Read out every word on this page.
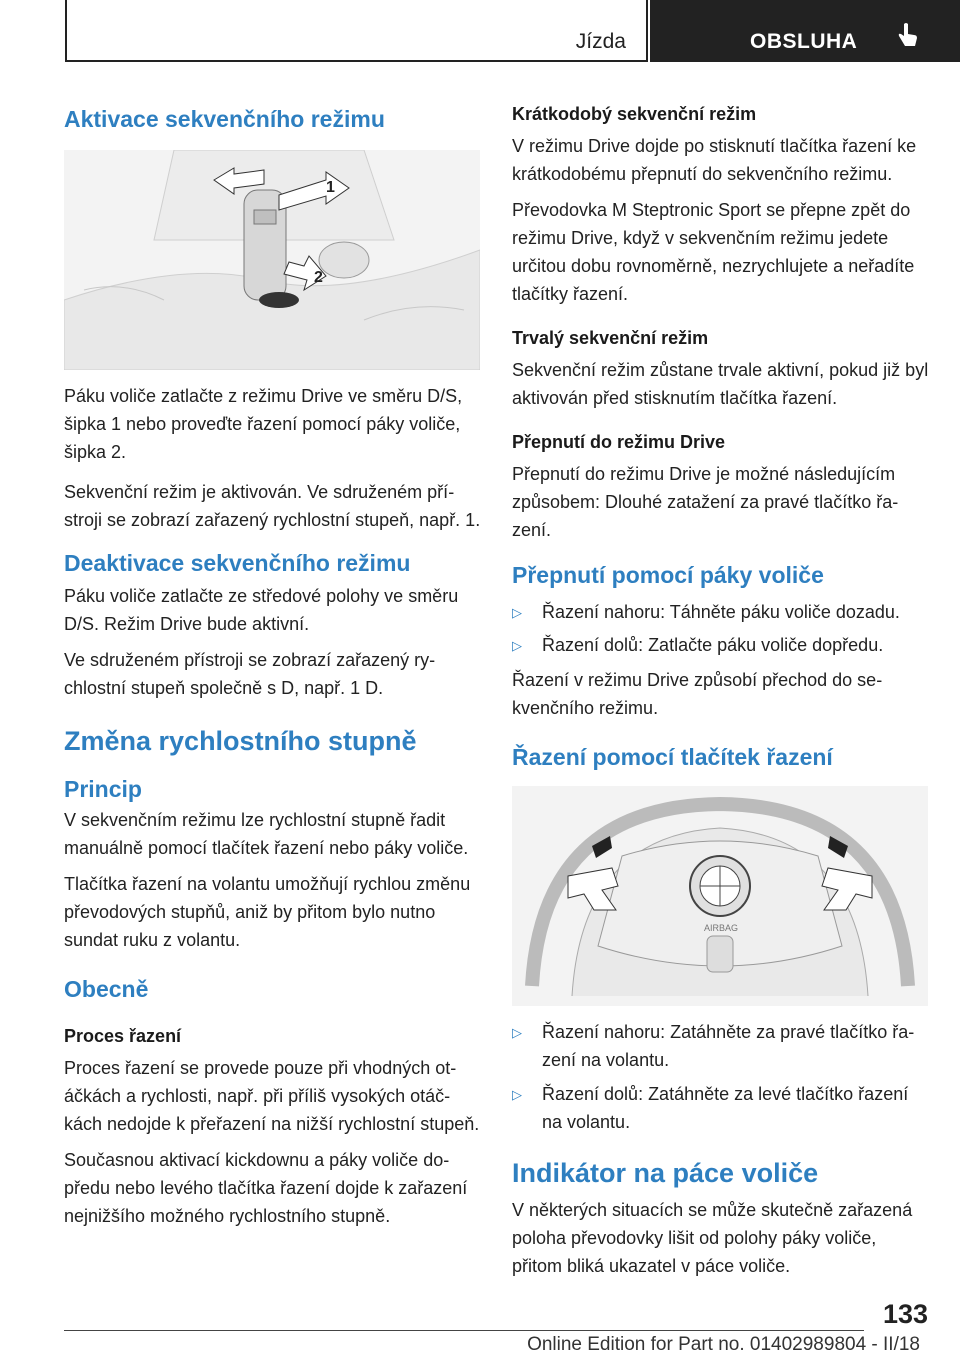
Jízda	OBSLUHA
Aktivace sekvenčního režimu
1
2

Páku voliče zatlačte z režimu Drive ve směru D/S, šipka 1 nebo proveďte řazení pomocí páky voliče, šipka 2.

Sekvenční režim je aktivován. Ve sdruženém přístroji se zobrazí zařazený rychlostní stupeň, např. 1.

Deaktivace sekvenčního režimu

Páku voliče zatlačte ze středové polohy ve směru D/S. Režim Drive bude aktivní.

Ve sdruženém přístroji se zobrazí zařazený rychlostní stupeň společně s D, např. 1 D.

Změna rychlostního stupně
Princip

V sekvenčním režimu lze rychlostní stupně řadit manuálně pomocí tlačítek řazení nebo páky voliče.

Tlačítka řazení na volantu umožňují rychlou změnu převodových stupňů, aniž by přitom bylo nutno sundat ruku z volantu.

Obecně
Proces řazení

Proces řazení se provede pouze při vhodných otáčkách a rychlosti, např. při příliš vysokých otáčkách nedojde k přeřazení na nižší rychlostní stupeň.

Současnou aktivací kickdownu a páky voliče dopředu nebo levého tlačítka řazení dojde k zařazení nejnižšího možného rychlostního stupně.

Krátkodobý sekvenční režim

V režimu Drive dojde po stisknutí tlačítka řazení ke krátkodobému přepnutí do sekvenčního režimu.

Převodovka M Steptronic Sport se přepne zpět do režimu Drive, když v sekvenčním režimu jedete určitou dobu rovnoměrně, nezrychlujete a neřadíte tlačítky řazení.

Trvalý sekvenční režim

Sekvenční režim zůstane trvale aktivní, pokud již byl aktivován před stisknutím tlačítka řazení.

Přepnutí do režimu Drive

Přepnutí do režimu Drive je možné následujícím způsobem: Dlouhé zatažení za pravé tlačítko řazení.

Přepnutí pomocí páky voliče
▷	Řazení nahoru: Táhněte páku voliče dozadu.
▷	Řazení dolů: Zatlačte páku voliče dopředu.

Řazení v režimu Drive způsobí přechod do sekvenčního režimu.

Řazení pomocí tlačítek řazení
AIRBAG
▷	Řazení nahoru: Zatáhněte za pravé tlačítko řazení na volantu.
▷	Řazení dolů: Zatáhněte za levé tlačítko řazení na volantu.
Indikátor na páce voliče

V některých situacích se může skutečně zařazená poloha převodovky lišit od polohy páky voliče, přitom bliká ukazatel v páce voliče.

133
Online Edition for Part no. 01402989804 - II/18
